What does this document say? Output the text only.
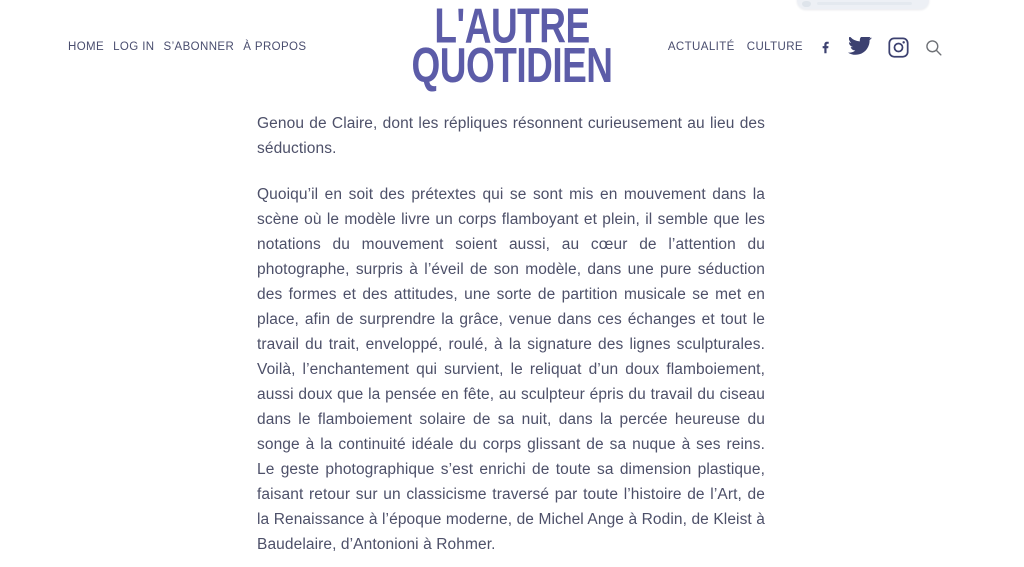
HOME LOG IN S’ABONNER À PROPOS	L'AUTRE
QUOTIDIEN	ACTUALITÉ CULTURE

Genou de Claire, dont les répliques résonnent curieusement au lieu des séductions.

Quoiqu’il en soit des prétextes qui se sont mis en mouvement dans la scène où le modèle livre un corps flamboyant et plein, il semble que les notations du mouvement soient aussi, au cœur de l’attention du photographe, surpris à l’éveil de son modèle, dans une pure séduction des formes et des attitudes, une sorte de partition musicale se met en place, afin de surprendre la grâce, venue dans ces échanges et tout le travail du trait, enveloppé, roulé, à la signature des lignes sculpturales. Voilà, l’enchantement qui survient, le reliquat d’un doux flamboiement, aussi doux que la pensée en fête, au sculpteur épris du travail du ciseau dans le flamboiement solaire de sa nuit, dans la percée heureuse du songe à la continuité idéale du corps glissant de sa nuque à ses reins. Le geste photographique s’est enrichi de toute sa dimension plastique, faisant retour sur un classicisme traversé par toute l’histoire de l’Art, de la Renaissance à l’époque moderne, de Michel Ange à Rodin, de Kleist à Baudelaire, d’Antonioni à Rohmer.
